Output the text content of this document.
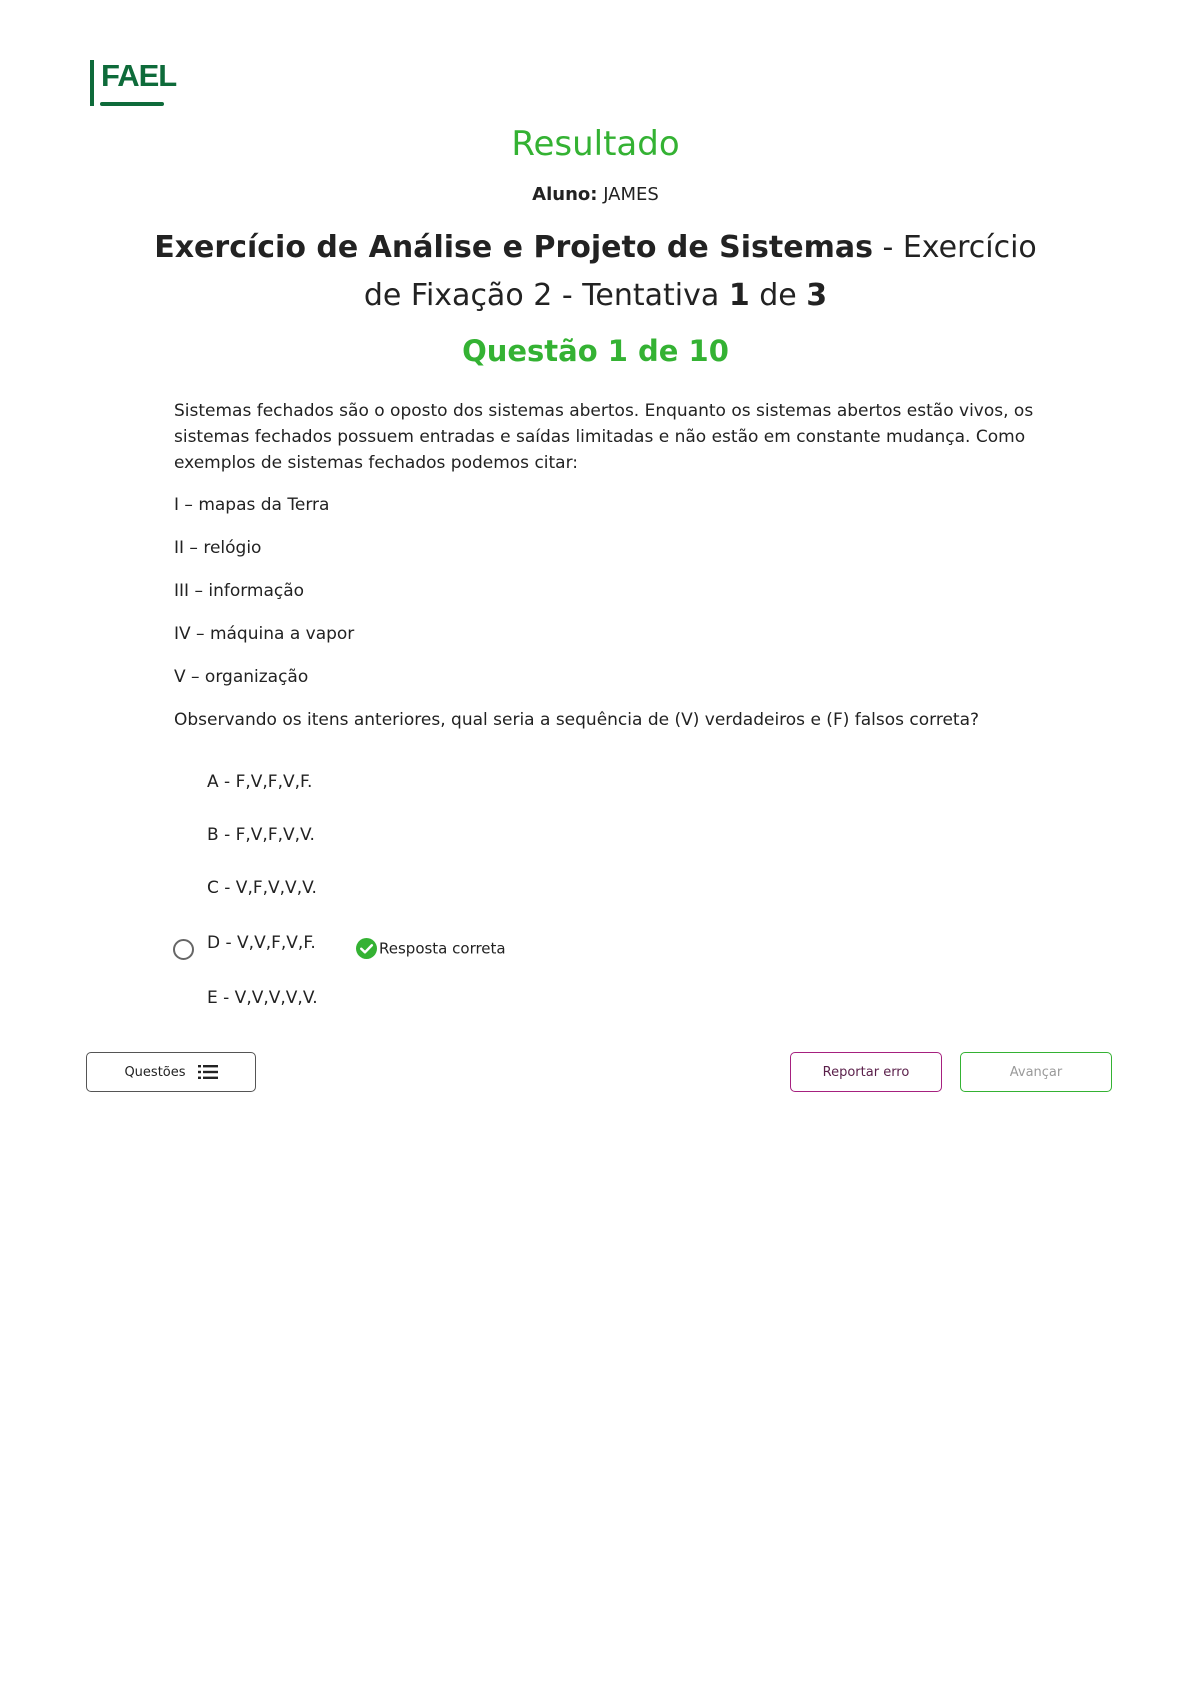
FAEL
Resultado
Aluno: JAMES
Exercício de Análise e Projeto de Sistemas - Exercício de Fixação 2 - Tentativa 1 de 3
Questão 1 de 10

Sistemas fechados são o oposto dos sistemas abertos. Enquanto os sistemas abertos estão vivos, os sistemas fechados possuem entradas e saídas limitadas e não estão em constante mudança. Como exemplos de sistemas fechados podemos citar:

I – mapas da Terra

II – relógio

III – informação

IV – máquina a vapor

V – organização

Observando os itens anteriores, qual seria a sequência de (V) verdadeiros e (F) falsos correta?

A - F,V,F,V,F.
B - F,V,F,V,V.
C - V,F,V,V,V.
D - V,V,F,V,F.	Resposta correta
E - V,V,V,V,V.
Questões	Reportar erro	Avançar
